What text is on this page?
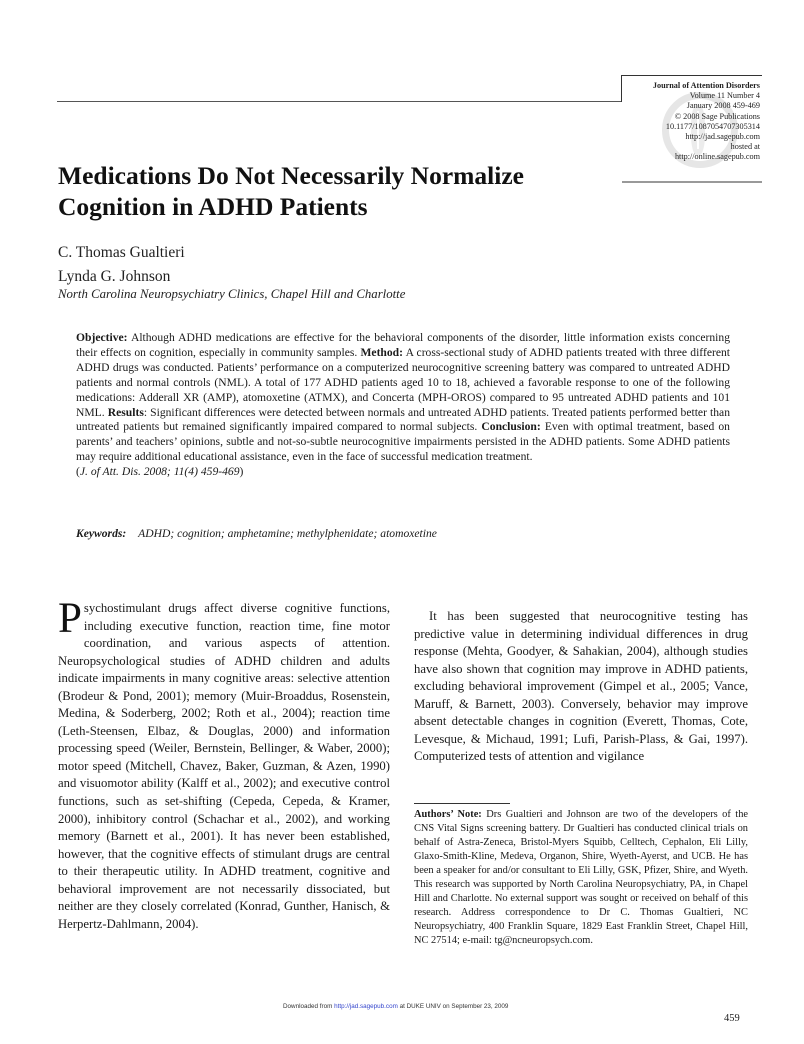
Journal of Attention Disorders
Volume 11 Number 4
January 2008 459-469
© 2008 Sage Publications
10.1177/1087054707305314
http://jad.sagepub.com
hosted at
http://online.sagepub.com
Medications Do Not Necessarily Normalize Cognition in ADHD Patients
C. Thomas Gualtieri
Lynda G. Johnson
North Carolina Neuropsychiatry Clinics, Chapel Hill and Charlotte

Objective: Although ADHD medications are effective for the behavioral components of the disorder, little information exists concerning their effects on cognition, especially in community samples. Method: A cross-sectional study of ADHD patients treated with three different ADHD drugs was conducted. Patients’ performance on a computerized neurocognitive screening battery was compared to untreated ADHD patients and normal controls (NML). A total of 177 ADHD patients aged 10 to 18, achieved a favorable response to one of the following medications: Adderall XR (AMP), atomoxetine (ATMX), and Concerta (MPH-OROS) compared to 95 untreated ADHD patients and 101 NML. Results: Significant differences were detected between normals and untreated ADHD patients. Treated patients performed better than untreated patients but remained significantly impaired compared to normal subjects. Conclusion: Even with optimal treatment, based on parents’ and teachers’ opinions, subtle and not-so-subtle neurocognitive impairments persisted in the ADHD patients. Some ADHD patients may require additional educational assistance, even in the face of successful medication treatment.
(J. of Att. Dis. 2008; 11(4) 459-469)

Keywords: ADHD; cognition; amphetamine; methylphenidate; atomoxetine

Psychostimulant drugs affect diverse cognitive functions, including executive function, reaction time, fine motor coordination, and various aspects of attention. Neuropsychological studies of ADHD children and adults indicate impairments in many cognitive areas: selective attention (Brodeur & Pond, 2001); memory (Muir-Broaddus, Rosenstein, Medina, & Soderberg, 2002; Roth et al., 2004); reaction time (Leth-Steensen, Elbaz, & Douglas, 2000) and information processing speed (Weiler, Bernstein, Bellinger, & Waber, 2000); motor speed (Mitchell, Chavez, Baker, Guzman, & Azen, 1990) and visuomotor ability (Kalff et al., 2002); and executive control functions, such as set-shifting (Cepeda, Cepeda, & Kramer, 2000), inhibitory control (Schachar et al., 2002), and working memory (Barnett et al., 2001). It has never been established, however, that the cognitive effects of stimulant drugs are central to their therapeutic utility. In ADHD treatment, cognitive and behavioral improvement are not necessarily dissociated, but neither are they closely correlated (Konrad, Gunther, Hanisch, & Herpertz-Dahlmann, 2004).

It has been suggested that neurocognitive testing has predictive value in determining individual differences in drug response (Mehta, Goodyer, & Sahakian, 2004), although studies have also shown that cognition may improve in ADHD patients, excluding behavioral improvement (Gimpel et al., 2005; Vance, Maruff, & Barnett, 2003). Conversely, behavior may improve absent detectable changes in cognition (Everett, Thomas, Cote, Levesque, & Michaud, 1991; Lufi, Parish-Plass, & Gai, 1997). Computerized tests of attention and vigilance

Authors’ Note: Drs Gualtieri and Johnson are two of the developers of the CNS Vital Signs screening battery. Dr Gualtieri has conducted clinical trials on behalf of Astra-Zeneca, Bristol-Myers Squibb, Celltech, Cephalon, Eli Lilly, Glaxo-Smith-Kline, Medeva, Organon, Shire, Wyeth-Ayerst, and UCB. He has been a speaker for and/or consultant to Eli Lilly, GSK, Pfizer, Shire, and Wyeth. This research was supported by North Carolina Neuropsychiatry, PA, in Chapel Hill and Charlotte. No external support was sought or received on behalf of this research. Address correspondence to Dr C. Thomas Gualtieri, NC Neuropsychiatry, 400 Franklin Square, 1829 East Franklin Street, Chapel Hill, NC 27514; e-mail: tg@ncneuropsych.com.

Downloaded from http://jad.sagepub.com at DUKE UNIV on September 23, 2009
459
